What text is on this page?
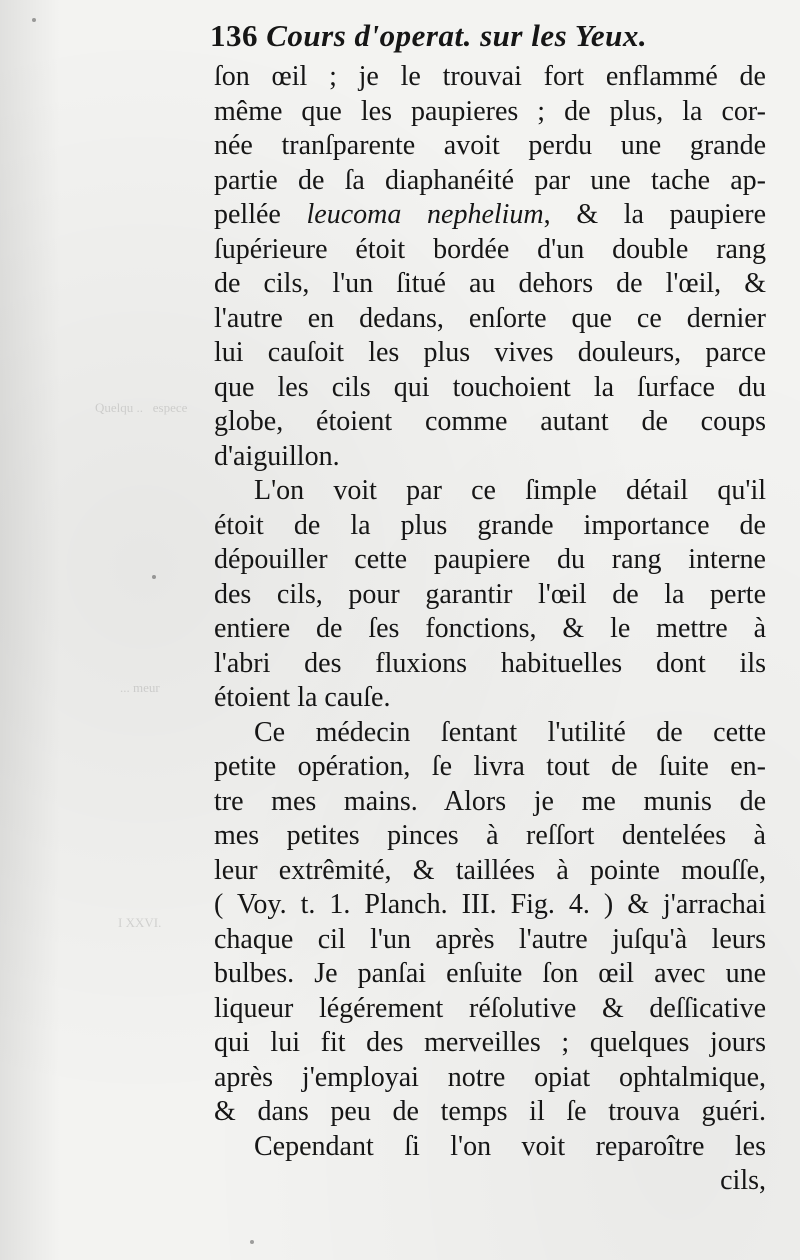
Quelqu ..   espece
... meur
I XXVI.
136 Cours d'operat. sur les Yeux.
ſon œil ; je le trouvai fort enflammé de
même que les paupieres ; de plus, la cor-
née tranſparente avoit perdu une grande
partie de ſa diaphanéité par une tache ap-
pellée leucoma nephelium, & la paupiere
ſupérieure étoit bordée d'un double rang
de cils, l'un ſitué au dehors de l'œil, &
l'autre en dedans, enſorte que ce dernier
lui cauſoit les plus vives douleurs, parce
que les cils qui touchoient la ſurface du
globe, étoient comme autant de coups
d'aiguillon.
L'on voit par ce ſimple détail qu'il
étoit de la plus grande importance de
dépouiller cette paupiere du rang interne
des cils, pour garantir l'œil de la perte
entiere de ſes fonctions, & le mettre à
l'abri des fluxions habituelles dont ils
étoient la cauſe.
Ce médecin ſentant l'utilité de cette
petite opération, ſe livra tout de ſuite en-
tre mes mains. Alors je me munis de
mes petites pinces à reſſort dentelées à
leur extrêmité, & taillées à pointe mouſſe,
( Voy. t. 1. Planch. III. Fig. 4. ) & j'arrachai
chaque cil l'un après l'autre juſqu'à leurs
bulbes. Je panſai enſuite ſon œil avec une
liqueur légérement réſolutive & deſſicative
qui lui fit des merveilles ; quelques jours
après j'employai notre opiat ophtalmique,
& dans peu de temps il ſe trouva guéri.
Cependant ſi l'on voit reparoître les
cils,
